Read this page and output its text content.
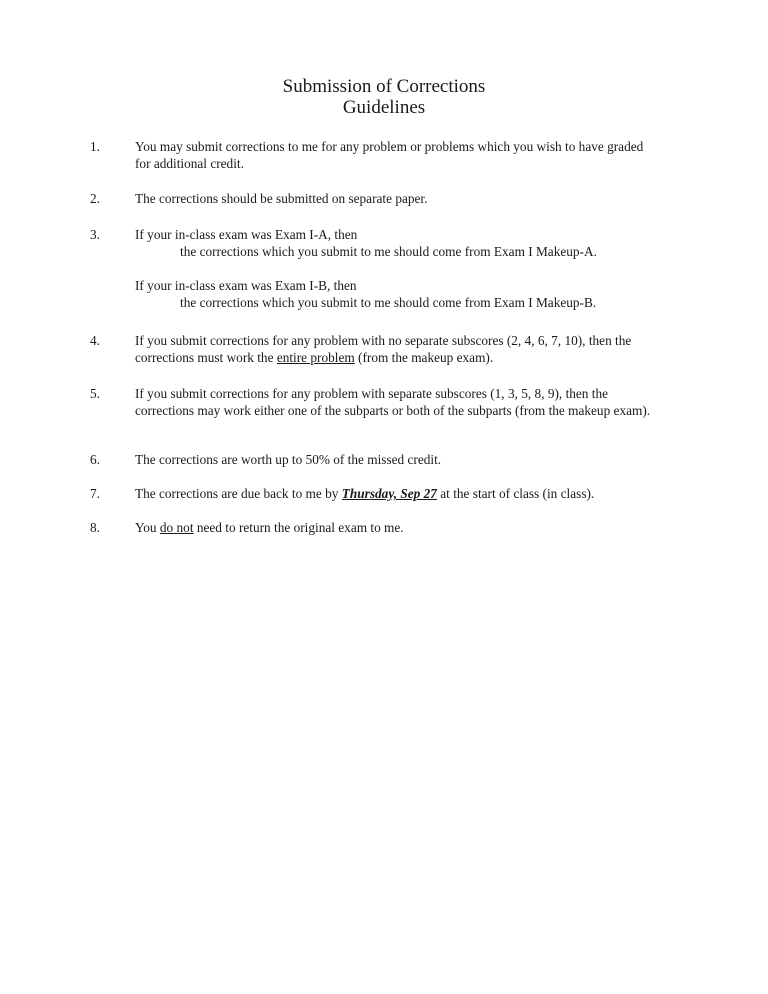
Submission of Corrections
Guidelines
1.	You may submit corrections to me for any problem or problems which you wish to have graded for additional credit.
2.	The corrections should be submitted on separate paper.
3.	If your in-class exam was Exam I-A, then
the corrections which you submit to me should come from Exam I Makeup-A.
If your in-class exam was Exam I-B, then
the corrections which you submit to me should come from Exam I Makeup-B.
4.	If you submit corrections for any problem with no separate subscores (2, 4, 6, 7, 10), then the corrections must work the entire problem (from the makeup exam).
5.	If you submit corrections for any problem with separate subscores (1, 3, 5, 8, 9), then the corrections may work either one of the subparts or both of the subparts (from the makeup exam).
6.	The corrections are worth up to 50% of the missed credit.
7.	The corrections are due back to me by Thursday, Sep 27 at the start of class (in class).
8.	You do not need to return the original exam to me.
